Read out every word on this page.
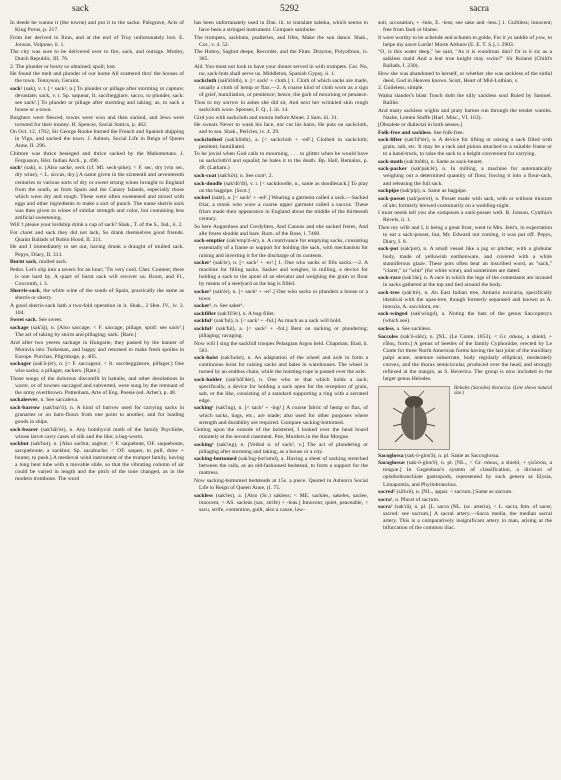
sack	5292	sacra

In deede he wanne it (the towne) and put it to the sacke. Palsgrave, Acts of King Porus, p. 217.

From her derived to Ilion, and at the end of Troy unfortunately lost. E. Jonson, Volpone, ii. 1.

The city was sure to be delivered over to fire, sack, and outrage. Motley, Dutch Republic, III. 76.

2. The plunder or booty so obtained; spoil; lost.

He found the melt and plunder of our home All scattered thro' the houses of the town. Tennyson, Geraint.

sack² (sak), v. t. [< sack², n.] To plunder or pillage after storming or capture; devastate; sack, v. t. Sp. saquear, It. saccheggiare, sacco, to plunder, sack: see sack¹.] To plunder or pillage after storming and taking; as, to sack a house or a town.

Burghers were fleeced, towns were won and then sacked, and Jews were tortured for their money. H. Spencer, Social Statics, p. 462.

On Oct. 12, 1702, Sir George Rooke burned the French and Spanish shipping in Vigo, and sacked the town. J. Ashton, Social Life in Reign of Queen Anne, II. 296.

Chittore was thrice besieged and thrice sacked by the Mahometans. J. Fergusson, Hist. Indian Arch., p. 490.

sack³ (sak), n. [Also sacke, seck (cf. Ml. seck-pike); < F. sec, dry (vin sec, dry wine), < L. siccus, dry.] A name given in the sixteenth and seventeenth centuries to various sorts of dry or sweet strong wines brought to England from the south, as from Spain and the Canary Islands, especially those which were dry and rough. These were often sweetened and mixed with eggs and other ingredients to make a sort of punch. The name sherris sack was then given to wines of similar strength and color, but containing less artificial sweetening.

Will 't please your lordship drink a cup of sack? Shak., T. of the S., Ind., ii. 2.

For claret and sack they did not lack, So drank themselves good friends. Quaint Ballads of Robin Hood, II. 211.

He and I immediately to set out, having drunk a draught of mulled sack. Pepys, Diary, II. 313.

Burnt sack, mulled sack.

Pedro. Let's slip into a tavern for an hour; 'Tis very cold. Cher. Content; there is one hard by. A quart of burnt sack will recover us. Brom, and Fl., Coxcomb, i. 3.

Sherris-sack, the white wine of the south of Spain, practically the same as sherris or sherry.

A good sherris-sack hath a two-fold operation in it. Shak., 2 Hen. IV., iv. 3. 104.

Sweet sack. See sweet.

sackage (sak'āj), n. [Also saccage; < F. saccage, pillage, spoil: see sack².] The act of taking by storm and pillaging; sack. [Rare.]

And after two yeeres sackage in Hungarie, they passed by the banner of Moravia into Turkestan, and happy and returned to make fresh spoiles in Europe. Purchas, Pilgrimage, p. 405.

sackager (sak'ā-jėr), n. [< F. saccageur, < It. saccheggiatore, pillager.] One who sacks; a pillager, sackers. [Rare.]

Those songs of the dolorous discomfit in battaile, and other desolations in warre, or of townes saccaged and subverted, were sung by the remnant of the army overthrown. Puttenham, Arte of Eng. Poesie (ed. Arber), p. 48.

sackaleever, n. See saccaleva.

sack-barrow (sak'bar'ō), n. A kind of barrow used for carrying sacks in granaries or on barn-floors from one point to another, and for loading goods in ships.

sack-bearer (sak'bãr'ėr), n. Any bombycid moth of the family Psychidæ, whose larvæ carry cases of silk and the like; a bag-worm.

sackbut (sak'but), n. [Also sacbut, sagbut; < F. saquebute, OF. saqueboute, sacqueboute, a sackbut; Sp. sacabuche; < OF. saquer, to pull, draw + bouter, to push.] A medieval wind instrument of the trumpet family, having a long bent tube with a movable slide, so that the vibrating column of air could be varied in length and the pitch of the tone changed, as in the modern trombone. The word

has been unfortunately used in Dan. iii. to translate sabeka, which seems to have been a stringed instrument. Compare sambuke.

The trumpets, sackbuts, psalteries, and fifes, Make the sun dance. Shak., Cor., v. 4. 52.

The Hoboy, Sagbut deepe, Recorder, and the Flute. Drayton, Polyolbion, iv. 365.

Ald. You must not look to have your dinner served in with trumpets. Cor. No, no, sack-buts shall serve us. Middleton, Spanish Gypsy, ii. 1.

sackcloth (sak'klôth), n. [< sack¹ + cloth.] 1. Cloth of which sacks are made, usually a cloth of hemp or flax.—2. A coarse kind of cloth worn as a sign of grief, humiliation, or penitence; hence, the garb of mourning or penance.

Thus to my sorrow in ashes she did sit, And next her wrinkled skin rough sackcloth wore. Spenser, F. Q., I. iii. 14.

Gird you with sackcloth and mourn before Abner. 2 Sam. iii. 31.

He swears Never to wash his face, nor cut his hairs; He puts on sackcloth, and to sea. Shak., Pericles, iv. 4. 29.

sackclothed (sak'klôtht), a. [< sackcloth + -ed².] Clothed in sackcloth; penitent; humiliated.

To be jovial when God calls to mourning, . . . to glitter when he would have us sackcloth'd and squalid; he hates it to the death. Bp. Hall, Remains, p. 48. (Latham.)

sack-coat (sak'kōt), n. See coat¹, 2.

sack-doodle (sak'dö'dl), v. i. [< sackdoodle, n., same as doodlesack.] To play on the bagpipe. [Scot.]

sacked (sakt), a. [< sack¹ + -ed².] Wearing a garment called a sack.—Sacked friar, a monk who wore a coarse upper garment called a saccus. These friars made their appearance in England about the middle of the thirteenth century.

So here Augustines and Cordyliers, And Canons and eke sacked freres, And alle freres shodde and bare. Rom. of the Rose, l. 7460.

sack-emptier (sak'emp'ti-ėr), n. A contrivance for emptying sacks, consisting essentially of a frame or support for holding the sack, with mechanism for raising and inverting it for the discharge of its contents.

sacker¹ (sak'ėr), n. [< sack¹ + -er¹.] 1. One who sacks or fills sacks.—2. A machine for filling sacks. Sacker and weigher, in milling, a device for holding a sack to the spout of an elevator and weighing the grain or flour by means of a steelyard as the bag is filled.

sacker² (sak'ėr), n. [< sack² + -er¹.] One who sacks or plunders a house or a town.

sacker³, n. See saker¹.

sackfiller (sak'fil'ėr), n. A bag-filler.

sackful¹ (sak'ful), n. [< sack¹ + -ful.] As much as a sack will hold.

sackful² (sak'ful), a. [< sack² + -ful.] Bent on sacking or plundering; pillaging; ravaging.

Now will I sing the sackfull troopes Pelasgian Argos held. Chapman, Iliad, ii. 581.

sack-hoist (sak'hoist), n. An adaptation of the wheel and axle to form a continuous hoist for raising sacks and bales in warehouses. The wheel is turned by an endless chain, while the hoisting-rope is passed over the axle.

sack-holder (sak'hōl'dėr), n. One who or that which holds a sack; specifically, a device for holding a sack open for the reception of grain, salt, or the like, consisting of a standard supporting a ring with a serrated edge.

sacking¹ (sak'ing), n. [< sack¹ + -ing¹.] A coarse fabric of hemp or flax, of which sacks, bags, etc., are made; also used for other purposes where strength and durability are required. Compare sacking-bottomed.

Getting upon the outside of the bolstered, I looked over the head board minutely at the second casement. Poe, Murders in the Rue Morgue.

sacking² (sak'ing), n. [Verbal n. of sack², v.] The act of plundering or pillaging after storming and taking, as a house or a city.

sacking-bottomed (sak'ing-bot'umd), a. Having a sheet of sacking stretched between the rails, as an old-fashioned bedstead, to form a support for the mattress.

Now sacking-bottomed bedsteads at 15s. a piece. Quoted in Ashton's Social Life in Reign of Queen Anne, (I. 75.

sackless (sak'les), a. [Also (Sc.) sakless; < ME. sackles, sakeles, saclee, innocent, < AS. sacleás (sac, strife) + -leás.] Innocent, quiet, peaceable, < sacu, strife, contention, guilt, also a cause, law-

suit, accusation, + -leás, E. -less; see sake and -less.] 1. Guiltless; innocent; free from fault or blame.

It were worthy to be schende and schuten to golde, For it ys saddie of yow, to helpe my sacre Lorde! Morte Arthure (E. E. T. S.), l. 2903.

"O, is this water deep," he said, "As it is wondrous dun? Or is it sic as a saikless maid And a leal true knight may swim?" Sir Roland (Child's Ballads, I. 230).

How she was abandoned to herself, or whether she was sackless of the sinful deed, God in Heaven knows. Scott, Heart of Mid-Lothian, v.

2. Guileless; simple.

Walna slander's blast Touch doth the silly sackless soul Ruled by Samuel. Baillie.

And many sackless wights and praty barnes run through the tender wambs. Nashe, Lenten Stuffe (Harl. Misc., VI. 163).

[Obsolete or dialectal in both senses.]

Folk-free and sackless. See folk-free.

sack-lifter (sak'lif'tėr), n. A device for lifting or raising a sack filled with grain, salt, etc. It may be a rack and pinion attached to a suitable frame or to a hand-truck, to raise the sack to a height convenient for carrying.

sack-moth (sak'môth), n. Same as sack-bearer.

sack-packer (sak'pak'ėr), n. In milling, a machine for automatically weighing out a determined quantity of flour, forcing it into a flour-sack, and releasing the full sack.

sackpipe (sak'pip), n. Same as bagpipe.

sack-posset (sak'pos'et), n. Posset made with sack, with or without mixture of ale; formerly brewed customarily on a wedding-night.

I must needs tell you she composes a sack-posset well. B. Jonson, Cynthia's Revels, ii. 1.

Then my wife and I, it being a great frost, went to Mrs. Jem's, in expectation to eat a sack-posset, but, Mr. Edward not coming, it was put off. Pepys, Diary, I. 8.

sack-pot (sak'pot), n. A small vessel like a jug or pitcher, with a globular body, made of yellowish earthenware, and covered with a white stanniferous glaze. These pots often bear an inscribed word, as "sack," "claret," or "whit" (for white wine), and sometimes are dated.

sack-race (sak'rās), n. A race in which the legs of the contestants are incased in sacks gathered at the top and tied around the body.

sack-tree (sak'trē), n. An East Indian tree, Antiaris toxicaria, specifically identical with the upas-tree, though formerly separated and known as A. innoxia, A. saccidora, etc.

sack-winged (sak'wingd), a. Noting the bats of the genus Saccopteryx (which see).

sacless, a. See sackless.

Saccoles (sak'ō-slēz), n. [NL. (Le Conte, 1853), < Gr. σάκος, a shield, + εἶδος, form.] A genus of beetles of the family Cyphonidæ, erected by Le Conte for three North American forms having the last joint of the maxillary palpi acute, antennæ subserrate, body regularly elliptical, moderately convex, and the thorax semicircular, produced over the head, and strongly reflexed at the margin, as S. Beverica. The group is now included in the larger genus Helodes.

Helodes (Sacodes) thoracica. (Line shows natural size.)

Sacoglossa (sak-ō-glos'ä), n. pl. Same as Saccoglossa.

Sacoglossæ (sak-ō-glos'ē), n. pl. [NL., < Gr. σάκος, a shield, + γλῶσσα, a tongue.] In Gegenbaur's system of classification, a division of opisthobranchiate gastropods, represented by such genera as Elysia, Limapontia, and Phyllobranchus.

sacred² (sā'krē), n. [NL., appar. < sacrum.] Same as sacrum.

sacra¹, n. Plural of sacrum.

sacra² (sak'rā), n. pl. [L. sacra (NL. (sc. arteria), < L. sacra, fem. of sacer, sacred: see sacrum.] A sacral artery.—Sacra media, the median sacral artery. This is a comparatively insignificant artery in man, arising at the bifurcation of the common iliac.
